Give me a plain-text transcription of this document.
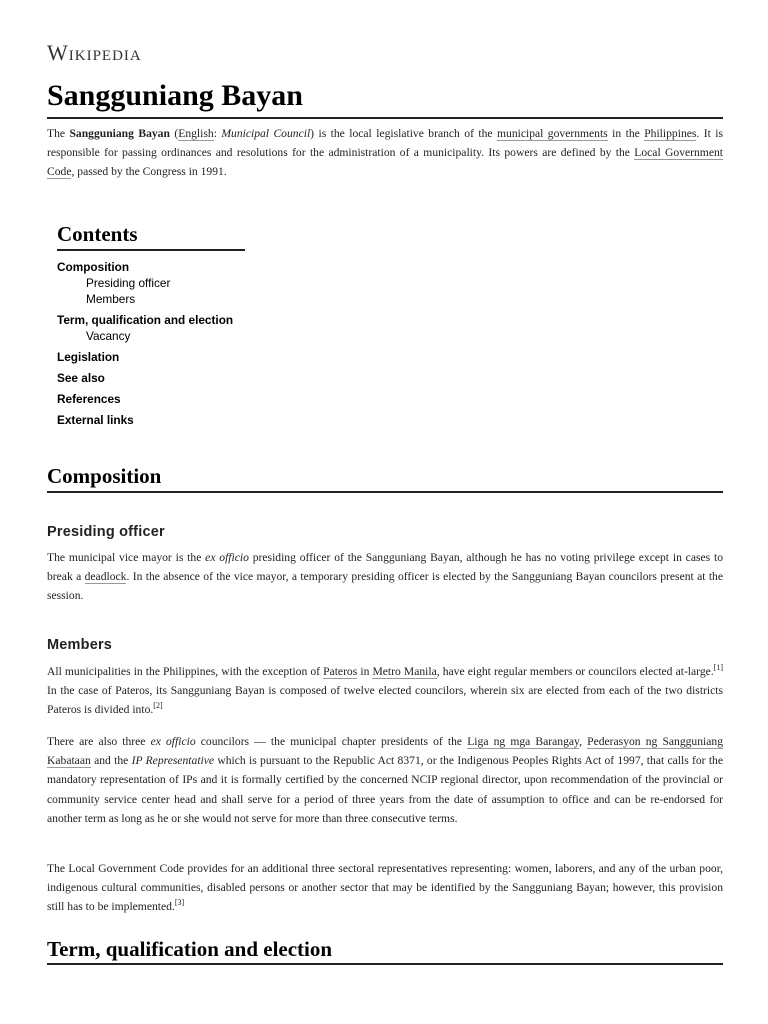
Wikipedia
Sangguniang Bayan

The Sangguniang Bayan (English: Municipal Council) is the local legislative branch of the municipal governments in the Philippines. It is responsible for passing ordinances and resolutions for the administration of a municipality. Its powers are defined by the Local Government Code, passed by the Congress in 1991.

Contents
Composition
Presiding officer
Members
Term, qualification and election
Vacancy
Legislation
See also
References
External links
Composition
Presiding officer

The municipal vice mayor is the ex officio presiding officer of the Sangguniang Bayan, although he has no voting privilege except in cases to break a deadlock. In the absence of the vice mayor, a temporary presiding officer is elected by the Sangguniang Bayan councilors present at the session.

Members

All municipalities in the Philippines, with the exception of Pateros in Metro Manila, have eight regular members or councilors elected at-large.[1] In the case of Pateros, its Sangguniang Bayan is composed of twelve elected councilors, wherein six are elected from each of the two districts Pateros is divided into.[2]

There are also three ex officio councilors — the municipal chapter presidents of the Liga ng mga Barangay, Pederasyon ng Sangguniang Kabataan and the IP Representative which is pursuant to the Republic Act 8371, or the Indigenous Peoples Rights Act of 1997, that calls for the mandatory representation of IPs and it is formally certified by the concerned NCIP regional director, upon recommendation of the provincial or community service center head and shall serve for a period of three years from the date of assumption to office and can be re-endorsed for another term as long as he or she would not serve for more than three consecutive terms.

The Local Government Code provides for an additional three sectoral representatives representing: women, laborers, and any of the urban poor, indigenous cultural communities, disabled persons or another sector that may be identified by the Sangguniang Bayan; however, this provision still has to be implemented.[3]

Term, qualification and election
